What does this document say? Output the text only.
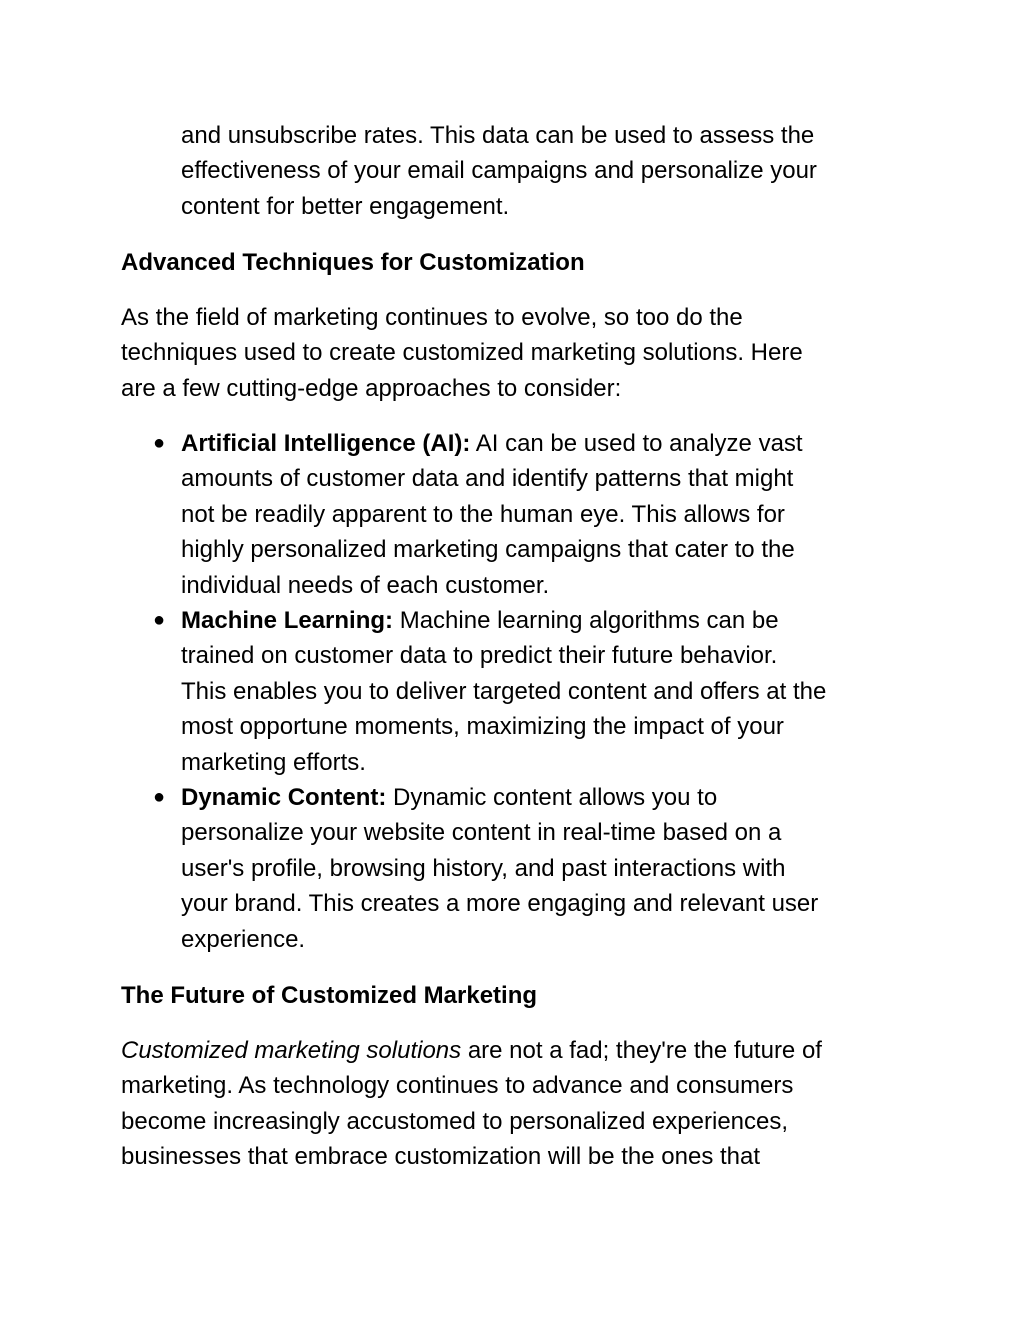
and unsubscribe rates. This data can be used to assess the
effectiveness of your email campaigns and personalize your
content for better engagement.
Advanced Techniques for Customization
As the field of marketing continues to evolve, so too do the
techniques used to create customized marketing solutions. Here
are a few cutting-edge approaches to consider:
● Artificial Intelligence (AI): AI can be used to analyze vast
amounts of customer data and identify patterns that might
not be readily apparent to the human eye. This allows for
highly personalized marketing campaigns that cater to the
individual needs of each customer.
● Machine Learning: Machine learning algorithms can be
trained on customer data to predict their future behavior.
This enables you to deliver targeted content and offers at the
most opportune moments, maximizing the impact of your
marketing efforts.
● Dynamic Content: Dynamic content allows you to
personalize your website content in real-time based on a
user's profile, browsing history, and past interactions with
your brand. This creates a more engaging and relevant user
experience.
The Future of Customized Marketing
Customized marketing solutions are not a fad; they're the future of
marketing. As technology continues to advance and consumers
become increasingly accustomed to personalized experiences,
businesses that embrace customization will be the ones that
